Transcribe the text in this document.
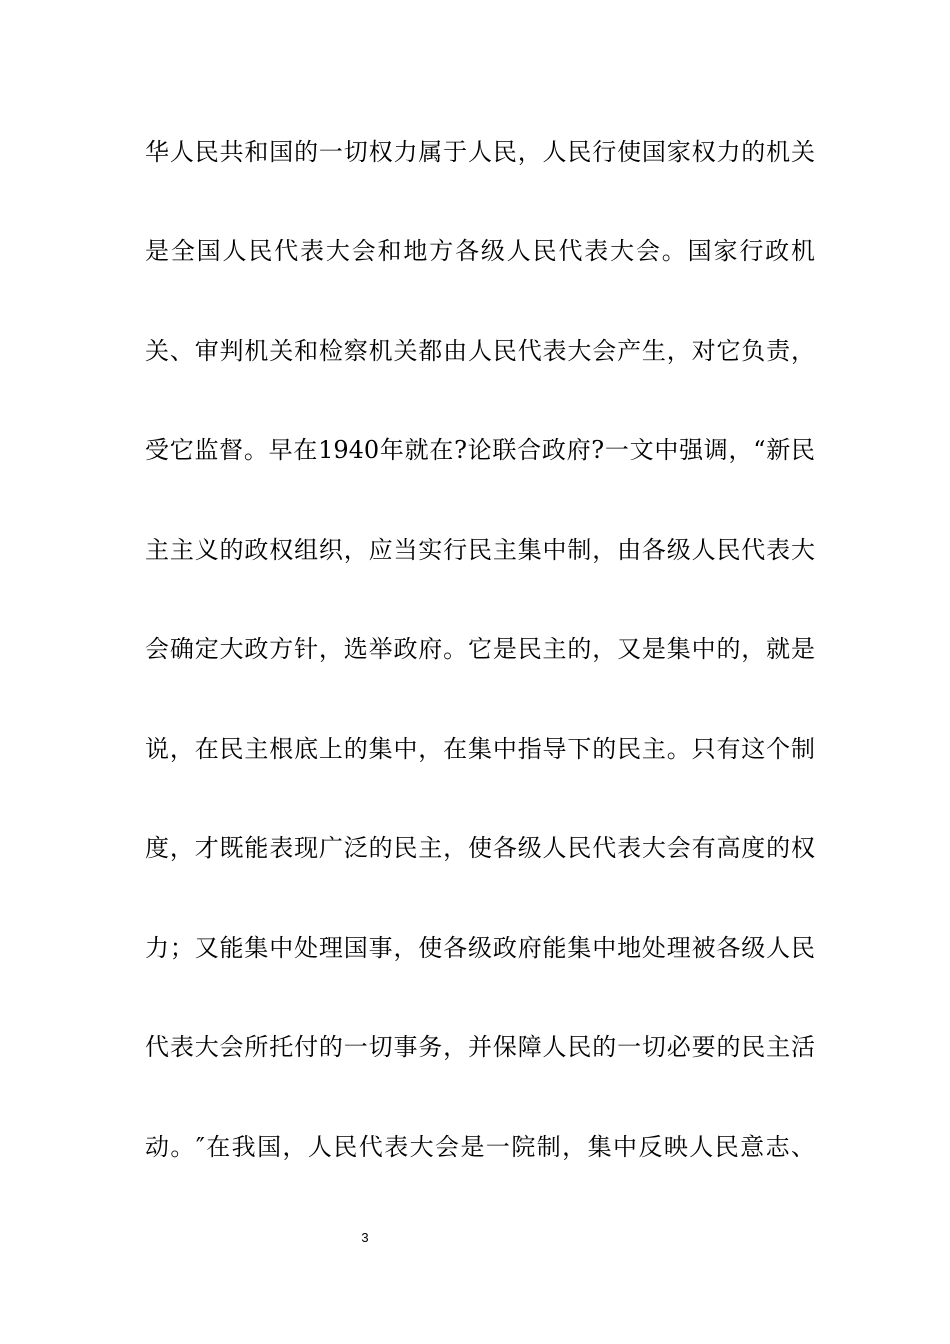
华人民共和国的一切权力属于人民，人民行使国家权力的机关
是全国人民代表大会和地方各级人民代表大会。国家行政机
关、审判机关和检察机关都由人民代表大会产生，对它负责，
受它监督。早在1940年就在?论联合政府?一文中强调，“新民
主主义的政权组织，应当实行民主集中制，由各级人民代表大
会确定大政方针，选举政府。它是民主的，又是集中的，就是
说，在民主根底上的集中，在集中指导下的民主。只有这个制
度，才既能表现广泛的民主，使各级人民代表大会有高度的权
力；又能集中处理国事，使各级政府能集中地处理被各级人民
代表大会所托付的一切事务，并保障人民的一切必要的民主活
动。″在我国，人民代表大会是一院制，集中反映人民意志、
3
